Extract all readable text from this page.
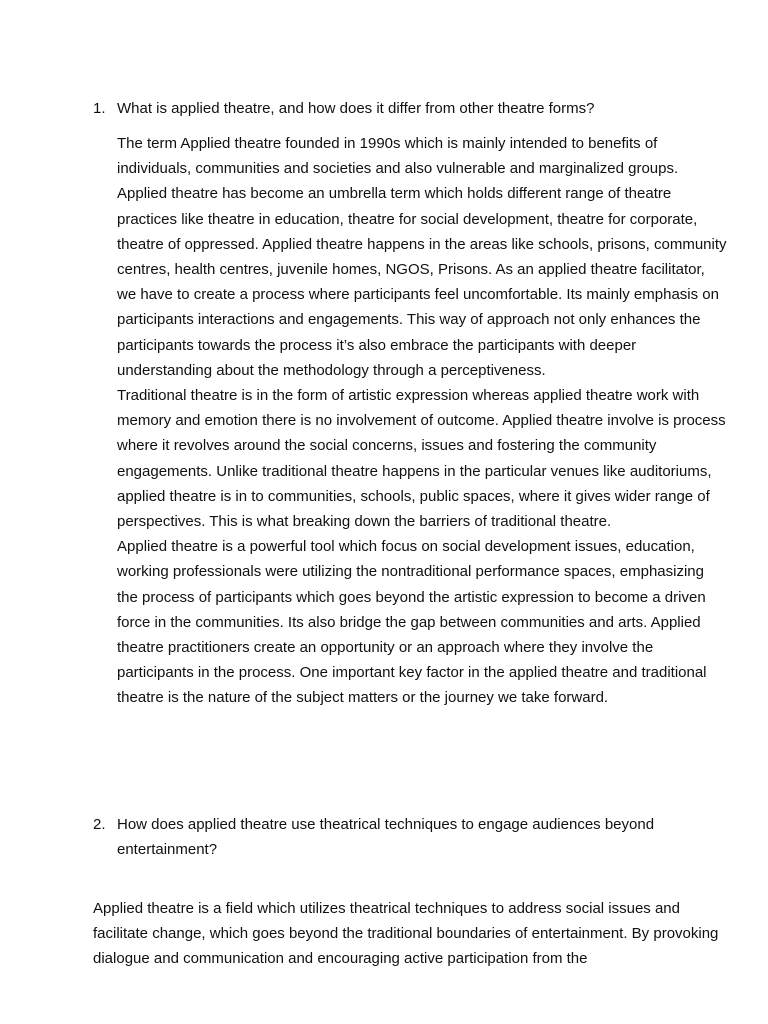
1. What is applied theatre, and how does it differ from other theatre forms?

The term Applied theatre founded in 1990s which is mainly intended to benefits of individuals, communities and societies and also vulnerable and marginalized groups. Applied theatre has become an umbrella term which holds different range of theatre practices like theatre in education, theatre for social development, theatre for corporate, theatre of oppressed. Applied theatre happens in the areas like schools, prisons, community centres, health centres, juvenile homes, NGOS, Prisons. As an applied theatre facilitator, we have to create a process where participants feel uncomfortable. Its mainly emphasis on participants interactions and engagements. This way of approach not only enhances the participants towards the process it’s also embrace the participants with deeper understanding about the methodology through a perceptiveness.

Traditional theatre is in the form of artistic expression whereas applied theatre work with memory and emotion there is no involvement of outcome. Applied theatre involve is process where it revolves around the social concerns, issues and fostering the community engagements. Unlike traditional theatre happens in the particular venues like auditoriums, applied theatre is in to communities, schools, public spaces, where it gives wider range of perspectives. This is what breaking down the barriers of traditional theatre.

Applied theatre is a powerful tool which focus on social development issues, education, working professionals were utilizing the nontraditional performance spaces, emphasizing the process of participants which goes beyond the artistic expression to become a driven force in the communities. Its also bridge the gap between communities and arts. Applied theatre practitioners create an opportunity or an approach where they involve the participants in the process. One important key factor in the applied theatre and traditional theatre is the nature of the subject matters or the journey we take forward.

2. How does applied theatre use theatrical techniques to engage audiences beyond entertainment?

Applied theatre is a field which utilizes theatrical techniques to address social issues and facilitate change, which goes beyond the traditional boundaries of entertainment. By provoking dialogue and communication and encouraging active participation from the
